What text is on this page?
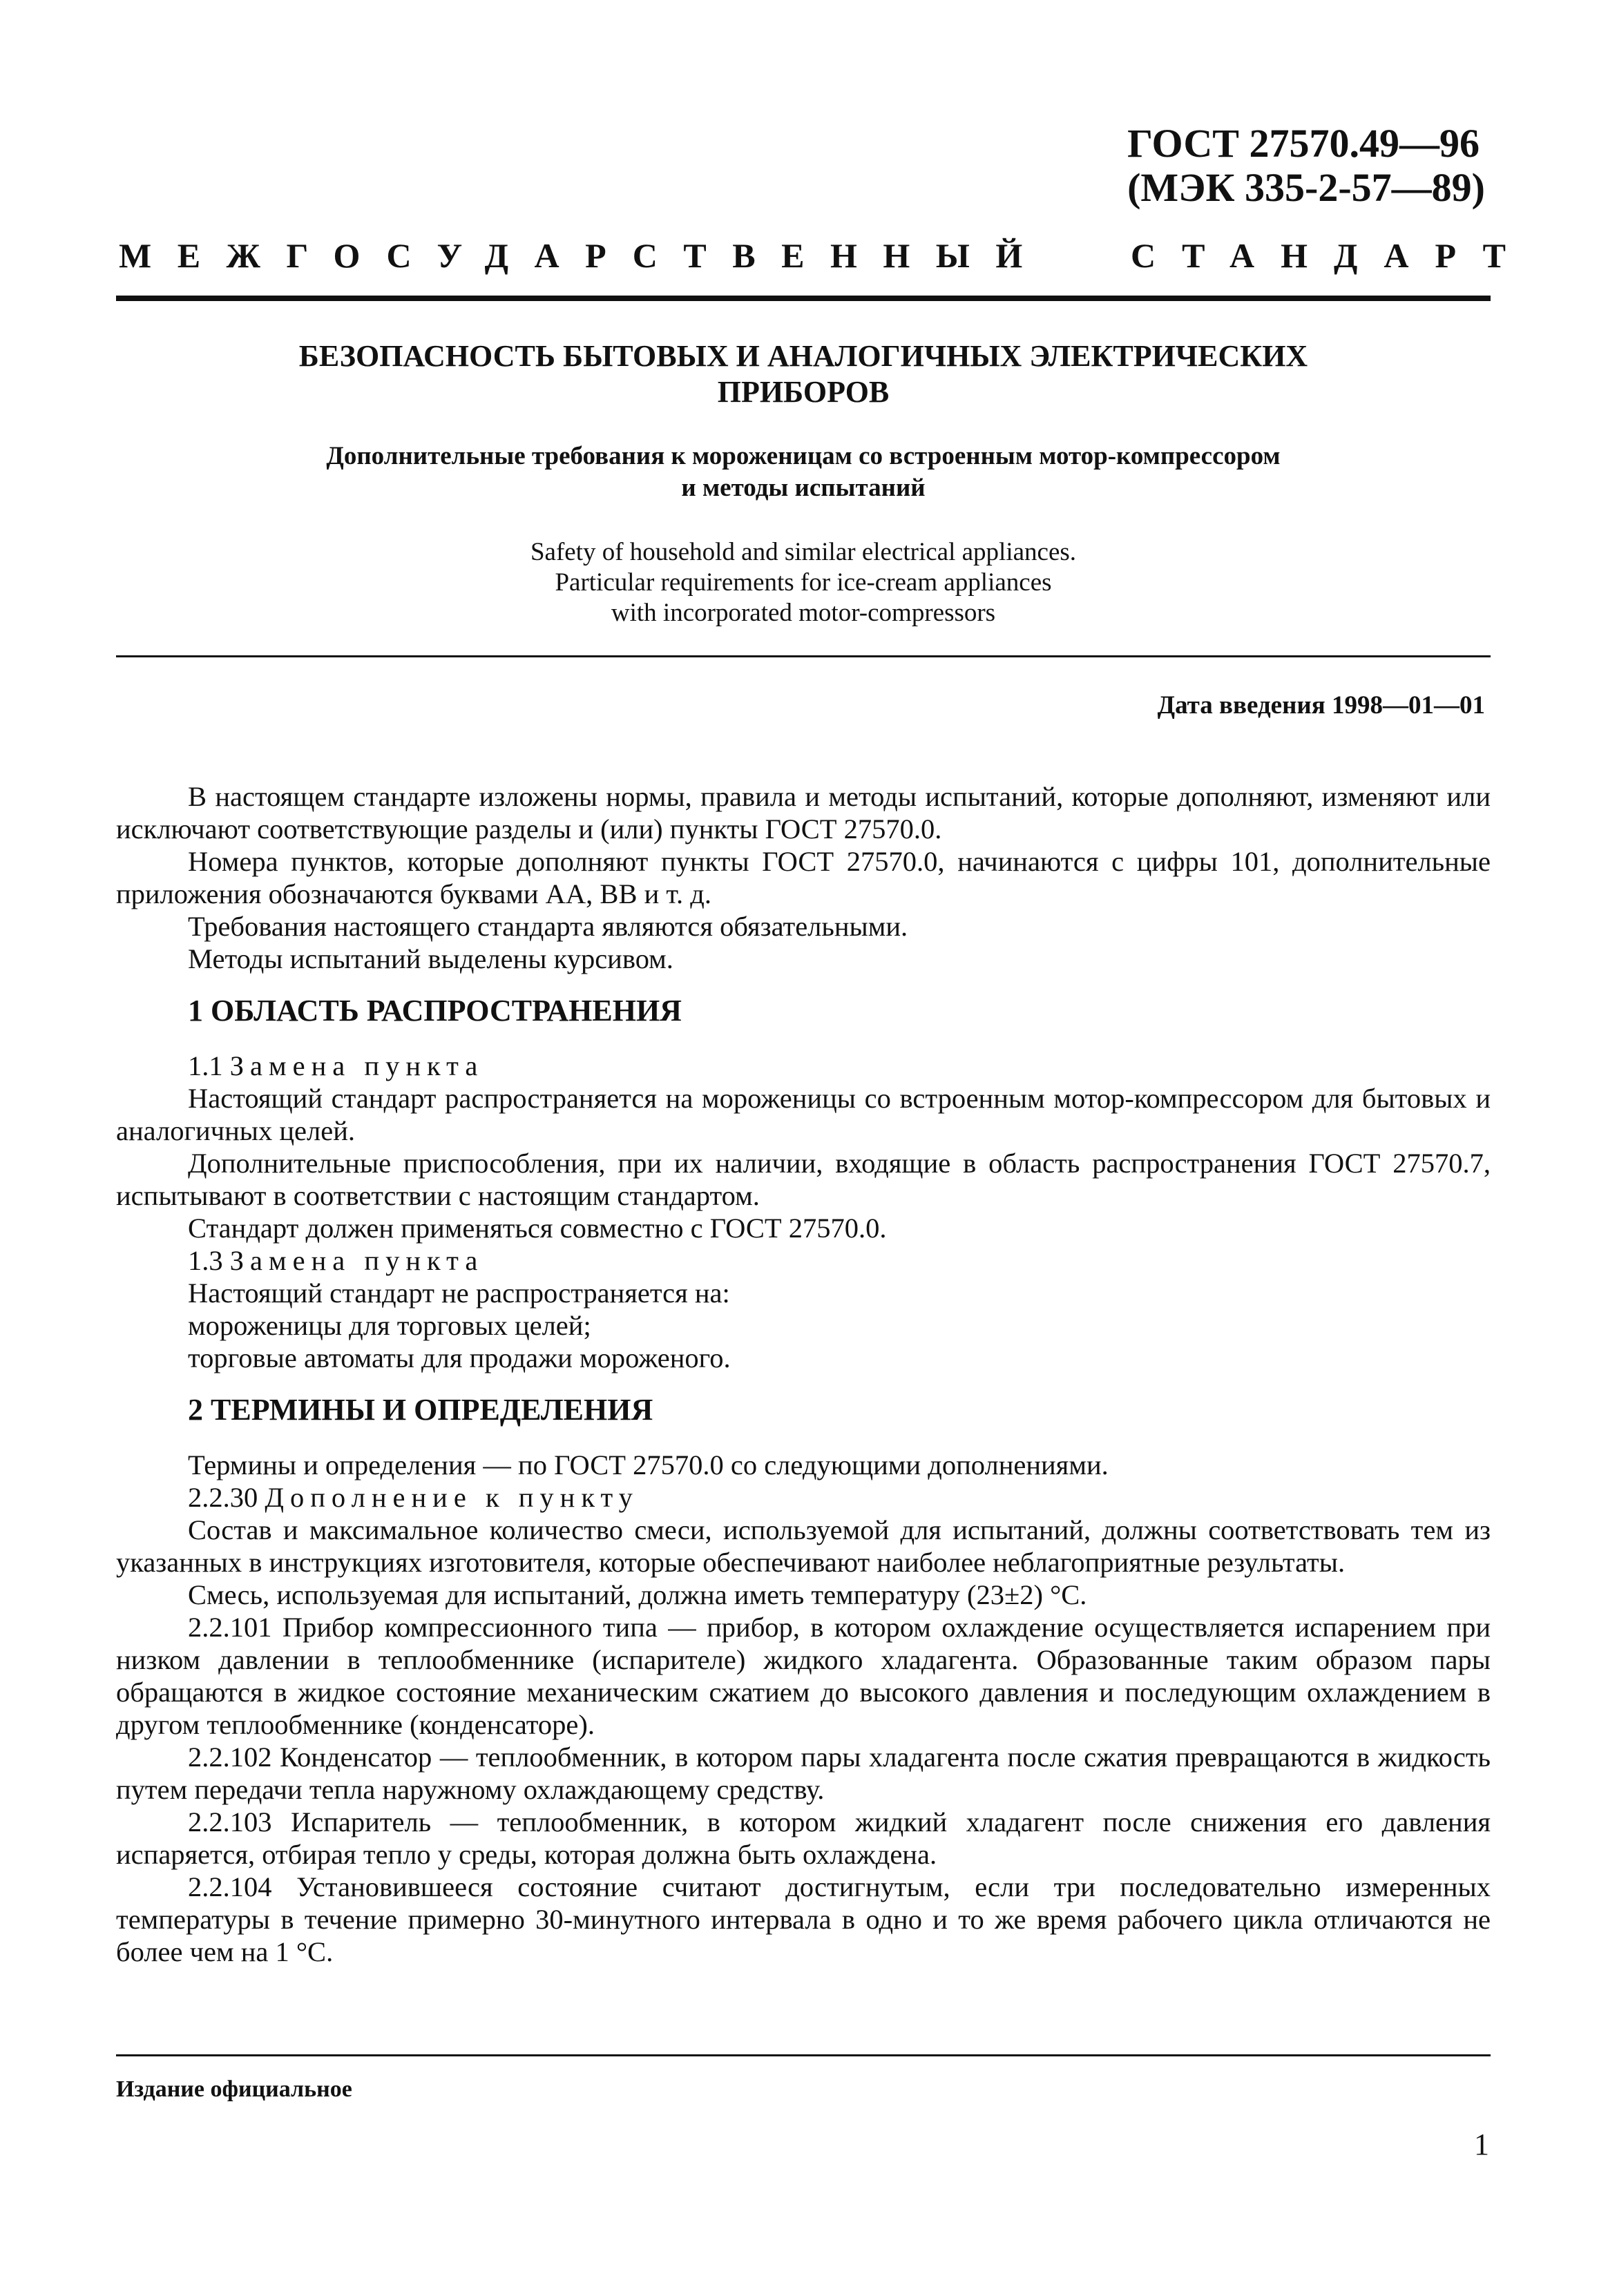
ГОСТ 27570.49—96
(МЭК 335-2-57—89)
МЕЖГОСУДАРСТВЕННЫЙ СТАНДАРТ
БЕЗОПАСНОСТЬ БЫТОВЫХ И АНАЛОГИЧНЫХ ЭЛЕКТРИЧЕСКИХ
ПРИБОРОВ
Дополнительные требования к мороженицам со встроенным мотор-компрессором
и методы испытаний
Safety of household and similar electrical appliances.
Particular requirements for ice-cream appliances
with incorporated motor-compressors
Дата введения 1998—01—01

В настоящем стандарте изложены нормы, правила и методы испытаний, которые дополняют, изменяют или исключают соответствующие разделы и (или) пункты ГОСТ 27570.0.

Номера пунктов, которые дополняют пункты ГОСТ 27570.0, начинаются с цифры 101, дополнительные приложения обозначаются буквами АА, ВВ и т. д.

Требования настоящего стандарта являются обязательными.

Методы испытаний выделены курсивом.

1 ОБЛАСТЬ РАСПРОСТРАНЕНИЯ

1.1 Замена пункта

Настоящий стандарт распространяется на мороженицы со встроенным мотор-компрессором для бытовых и аналогичных целей.

Дополнительные приспособления, при их наличии, входящие в область распространения ГОСТ 27570.7, испытывают в соответствии с настоящим стандартом.

Стандарт должен применяться совместно с ГОСТ 27570.0.

1.3 Замена пункта

Настоящий стандарт не распространяется на:

мороженицы для торговых целей;

торговые автоматы для продажи мороженого.

2 ТЕРМИНЫ И ОПРЕДЕЛЕНИЯ

Термины и определения — по ГОСТ 27570.0 со следующими дополнениями.

2.2.30 Дополнение к пункту

Состав и максимальное количество смеси, используемой для испытаний, должны соответствовать тем из указанных в инструкциях изготовителя, которые обеспечивают наиболее неблагоприятные результаты.

Смесь, используемая для испытаний, должна иметь температуру (23±2) °С.

2.2.101 Прибор компрессионного типа — прибор, в котором охлаждение осуществляется испарением при низком давлении в теплообменнике (испарителе) жидкого хладагента. Образованные таким образом пары обращаются в жидкое состояние механическим сжатием до высокого давления и последующим охлаждением в другом теплообменнике (конденсаторе).

2.2.102 Конденсатор — теплообменник, в котором пары хладагента после сжатия превращаются в жидкость путем передачи тепла наружному охлаждающему средству.

2.2.103 Испаритель — теплообменник, в котором жидкий хладагент после снижения его давления испаряется, отбирая тепло у среды, которая должна быть охлаждена.

2.2.104 Установившееся состояние считают достигнутым, если три последовательно измеренных температуры в течение примерно 30-минутного интервала в одно и то же время рабочего цикла отличаются не более чем на 1 °С.

Издание официальное
1
